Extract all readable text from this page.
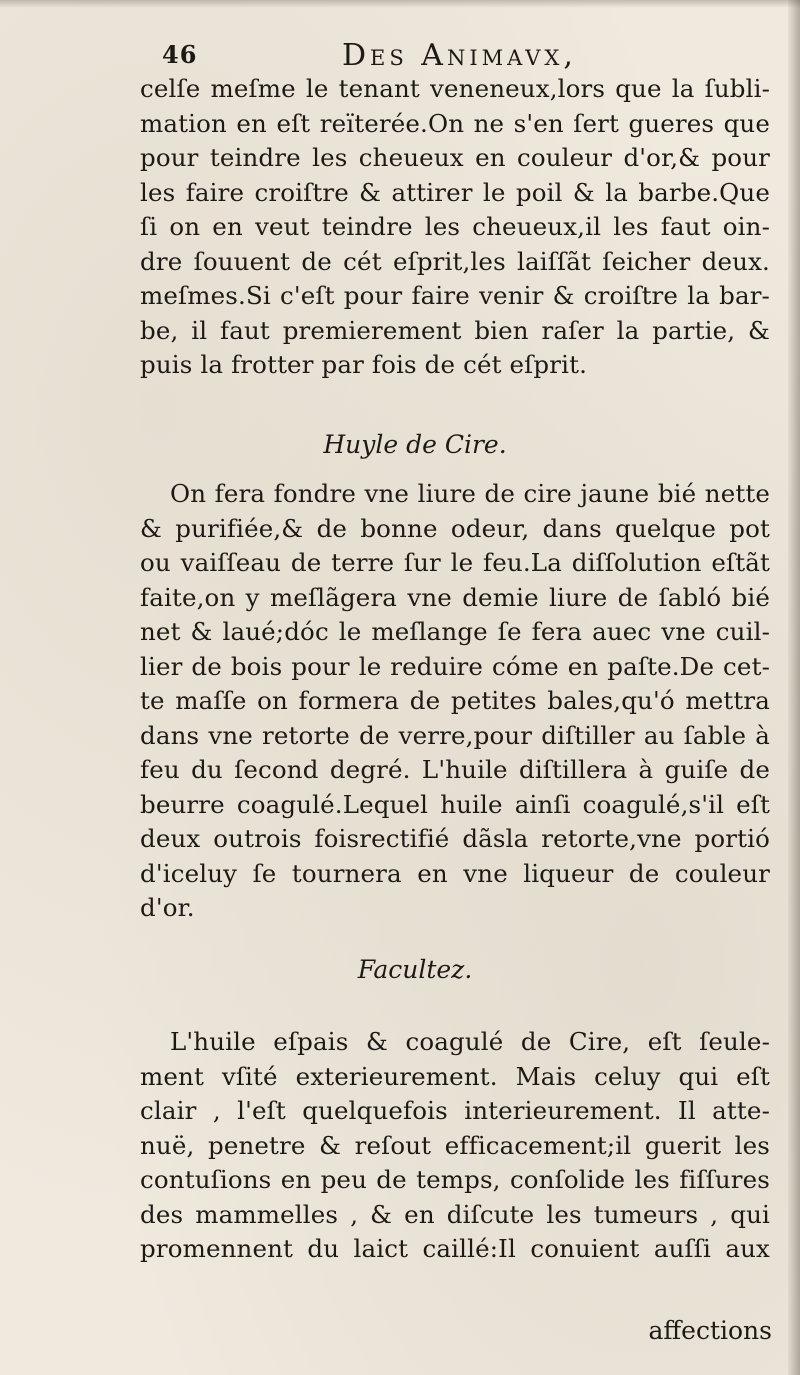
46	Des Animavx,
celſe meſme le tenant veneneux,lors que la ſubli-
mation en eſt reïterée.On ne s'en ſert gueres que
pour teindre les cheueux en couleur d'or,& pour
les faire croiſtre & attirer le poil & la barbe.Que
ſi on en veut teindre les cheueux,il les faut oin-
dre ſouuent de cét eſprit,les laiſſãt ſeicher deux.
meſmes.Si c'eſt pour faire venir & croiſtre la bar-
be, il faut premierement bien raſer la partie, &
puis la frotter par fois de cét eſprit.
Huyle de Cire.
On fera fondre vne liure de cire jaune bié nette
& purifiée,& de bonne odeur, dans quelque pot
ou vaiſſeau de terre ſur le feu.La diſſolution eſtãt
faite,on y meſlãgera vne demie liure de ſabló bié
net & laué;dóc le meſlange ſe fera auec vne cuil-
lier de bois pour le reduire cóme en paſte.De cet-
te maſſe on formera de petites bales,qu'ó mettra
dans vne retorte de verre,pour diſtiller au ſable à
feu du ſecond degré. L'huile diſtillera à guiſe de
beurre coagulé.Lequel huile ainſi coagulé,s'il eſt
deux outrois foisrectifié dãsla retorte,vne portió
d'iceluy ſe tournera en vne liqueur de couleur
d'or.
Facultez.
L'huile eſpais & coagulé de Cire, eſt ſeule-
ment vſité exterieurement. Mais celuy qui eſt
clair , l'eſt quelquefois interieurement. Il atte-
nuë, penetre & reſout efficacement;il guerit les
contuſions en peu de temps, conſolide les fiſſures
des mammelles , & en diſcute les tumeurs , qui
promennent du laict caillé:Il conuient auſſi aux
affections
